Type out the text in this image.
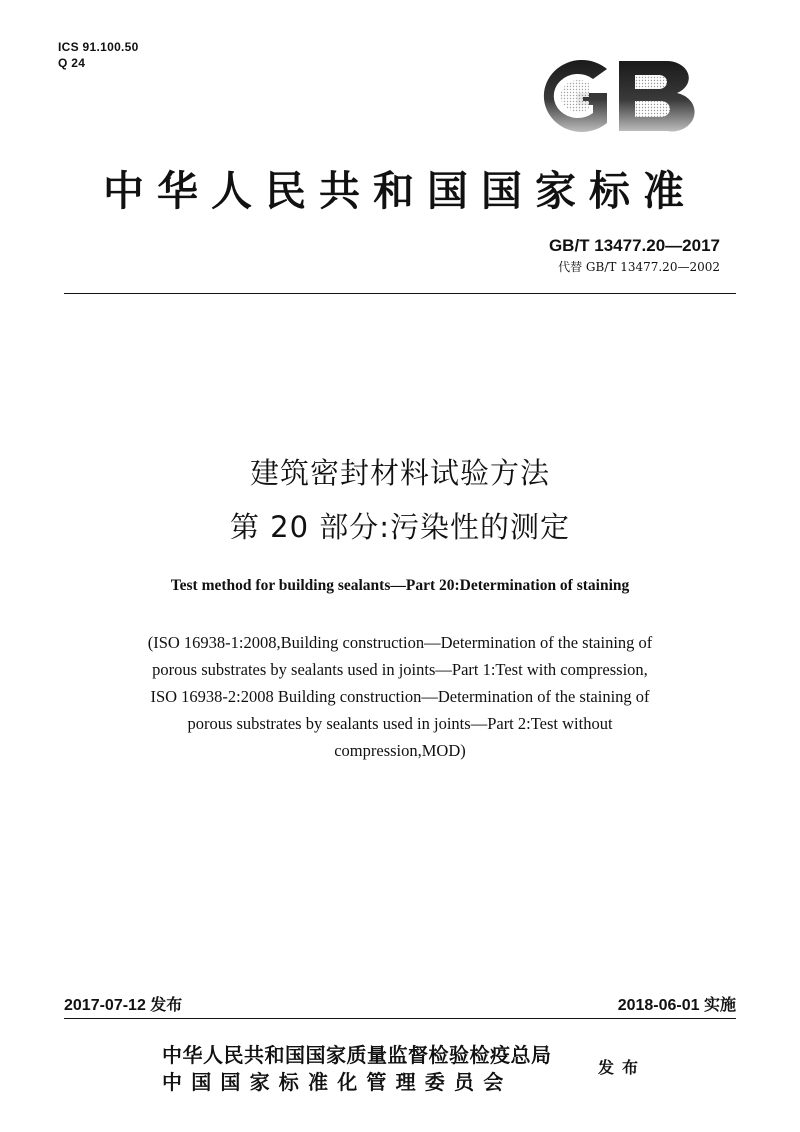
ICS 91.100.50
Q 24
中华人民共和国国家标准
GB/T 13477.20—2017
代替 GB/T 13477.20—2002
建筑密封材料试验方法
第 20 部分:污染性的测定
Test method for building sealants—Part 20:Determination of staining
(ISO 16938-1:2008,Building construction—Determination of the staining of
porous substrates by sealants used in joints—Part 1:Test with compression,
ISO 16938-2:2008 Building construction—Determination of the staining of
porous substrates by sealants used in joints—Part 2:Test without
compression,MOD)
2017-07-12 发布	2018-06-01 实施
中华人民共和国国家质量监督检验检疫总局
中国国家标准化管理委员会
发布
